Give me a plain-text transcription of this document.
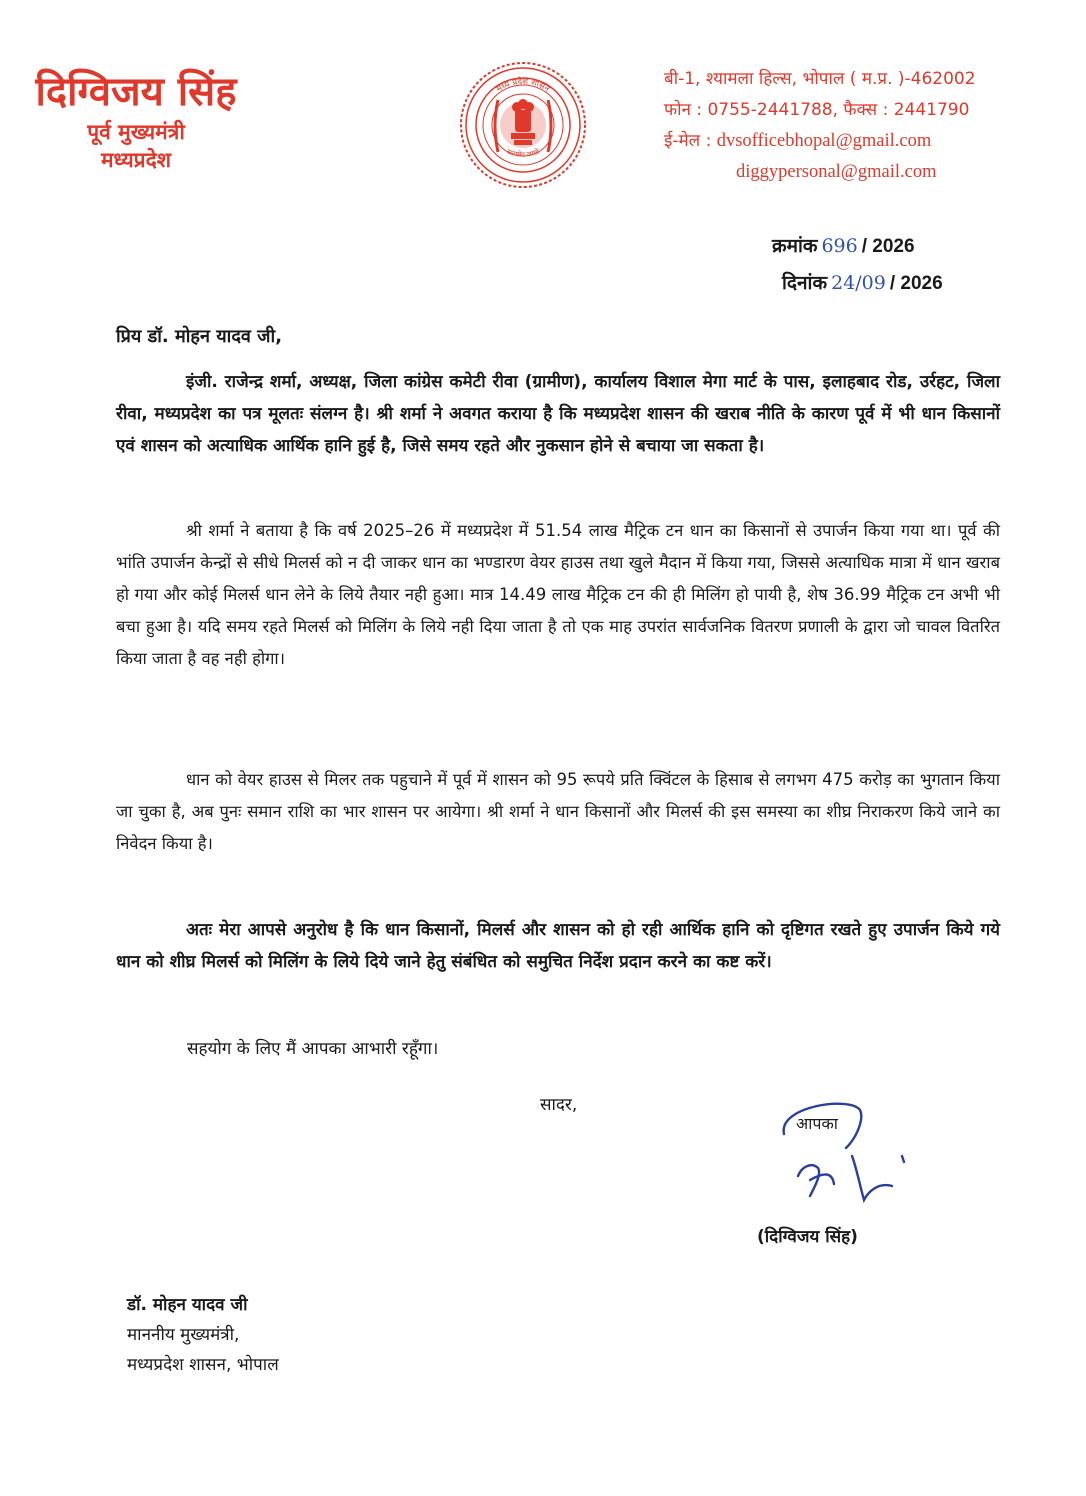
दिग्विजय सिंह
पूर्व मुख्यमंत्री
मध्यप्रदेश
मध्य प्रदेश शासन
सत्यमेव जयते
बी-1, श्यामला हिल्स, भोपाल ( म.प्र. )-462002
फोन : 0755-2441788, फैक्स : 2441790
ई-मेल : dvsofficebhopal@gmail.com
diggypersonal@gmail.com
क्रमांक 696 / 2026
दिनांक 24/09 / 2026
प्रिय डॉ. मोहन यादव जी,
इंजी. राजेन्द्र शर्मा, अध्यक्ष, जिला कांग्रेस कमेटी रीवा (ग्रामीण), कार्यालय विशाल मेगा मार्ट के पास, इलाहबाद रोड, उर्रहट, जिला रीवा, मध्यप्रदेश का पत्र मूलतः संलग्न है। श्री शर्मा ने अवगत कराया है कि मध्यप्रदेश शासन की खराब नीति के कारण पूर्व में भी धान किसानों एवं शासन को अत्याधिक आर्थिक हानि हुई है, जिसे समय रहते और नुकसान होने से बचाया जा सकता है।
श्री शर्मा ने बताया है कि वर्ष 2025–26 में मध्यप्रदेश में 51.54 लाख मैट्रिक टन धान का किसानों से उपार्जन किया गया था। पूर्व की भांति उपार्जन केन्द्रों से सीधे मिलर्स को न दी जाकर धान का भण्डारण वेयर हाउस तथा खुले मैदान में किया गया, जिससे अत्याधिक मात्रा में धान खराब हो गया और कोई मिलर्स धान लेने के लिये तैयार नही हुआ। मात्र 14.49 लाख मैट्रिक टन की ही मिलिंग हो पायी है, शेष 36.99 मैट्रिक टन अभी भी बचा हुआ है। यदि समय रहते मिलर्स को मिलिंग के लिये नही दिया जाता है तो एक माह उपरांत सार्वजनिक वितरण प्रणाली के द्वारा जो चावल वितरित किया जाता है वह नही होगा।
धान को वेयर हाउस से मिलर तक पहुचाने में पूर्व में शासन को 95 रूपये प्रति क्विंटल के हिसाब से लगभग 475 करोड़ का भुगतान किया जा चुका है, अब पुनः समान राशि का भार शासन पर आयेगा। श्री शर्मा ने धान किसानों और मिलर्स की इस समस्या का शीघ्र निराकरण किये जाने का निवेदन किया है।
अतः मेरा आपसे अनुरोध है कि धान किसानों, मिलर्स और शासन को हो रही आर्थिक हानि को दृष्टिगत रखते हुए उपार्जन किये गये धान को शीघ्र मिलर्स को मिलिंग के लिये दिये जाने हेतु संबंधित को समुचित निर्देश प्रदान करने का कष्ट करें।
सहयोग के लिए मैं आपका आभारी रहूँगा।
सादर,
आपका
(दिग्विजय सिंह)
डॉ. मोहन यादव जी
माननीय मुख्यमंत्री,
मध्यप्रदेश शासन, भोपाल
